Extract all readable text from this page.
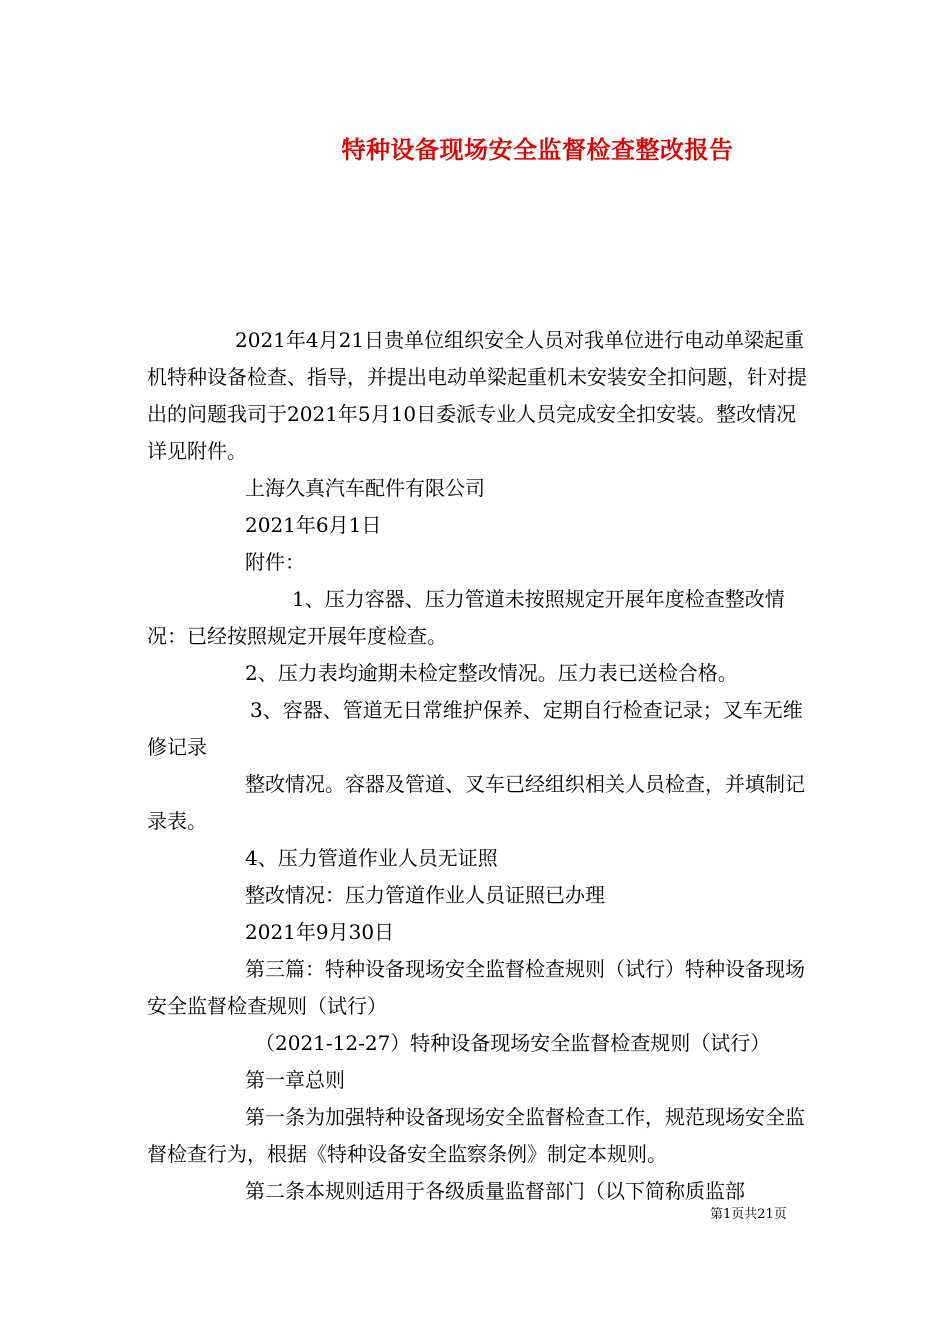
特种设备现场安全监督检查整改报告

2021年4月21日贵单位组织安全人员对我单位进行电动单梁起重机特种设备检查、指导，并提出电动单梁起重机未安装安全扣问题，针对提出的问题我司于2021年5月10日委派专业人员完成安全扣安装。整改情况详见附件。

上海久真汽车配件有限公司

2021年6月1日

附件：

1、压力容器、压力管道未按照规定开展年度检查整改情况：已经按照规定开展年度检查。

2、压力表均逾期未检定整改情况。压力表已送检合格。

3、容器、管道无日常维护保养、定期自行检查记录；叉车无维修记录

整改情况。容器及管道、叉车已经组织相关人员检查，并填制记录表。

4、压力管道作业人员无证照

整改情况：压力管道作业人员证照已办理

2021年9月30日

第三篇：特种设备现场安全监督检查规则（试行）特种设备现场安全监督检查规则（试行）

（2021-12-27）特种设备现场安全监督检查规则（试行）

第一章总则

第一条为加强特种设备现场安全监督检查工作，规范现场安全监督检查行为，根据《特种设备安全监察条例》制定本规则。

第二条本规则适用于各级质量监督部门（以下简称质监部

第1页共21页
